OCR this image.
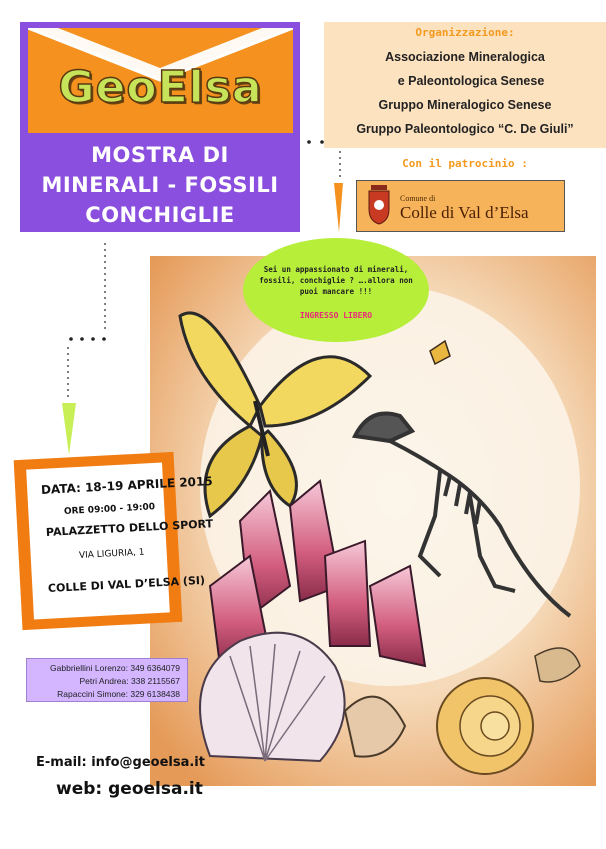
GeoElsa
MOSTRA DI
MINERALI - FOSSILI
CONCHIGLIE
Organizzazione:
Associazione Mineralogica
e Paleontologica Senese
Gruppo Mineralogico Senese
Gruppo Paleontologico “C. De Giuli”
Con il patrocinio :
Comune di
Colle di Val d’Elsa
Sei un appassionato di minerali,
fossili, conchiglie ? ….allora non
puoi mancare !!!
INGRESSO LIBERO
DATA: 18-19 APRILE 2015
ORE 09:00 - 19:00
PALAZZETTO DELLO SPORT
VIA LIGURIA, 1
COLLE DI VAL D’ELSA (SI)
Gabbriellini Lorenzo: 349 6364079
Petri Andrea: 338 2115567
Rapaccini Simone: 329 6138438
E-mail: info@geoelsa.it
web: geoelsa.it
